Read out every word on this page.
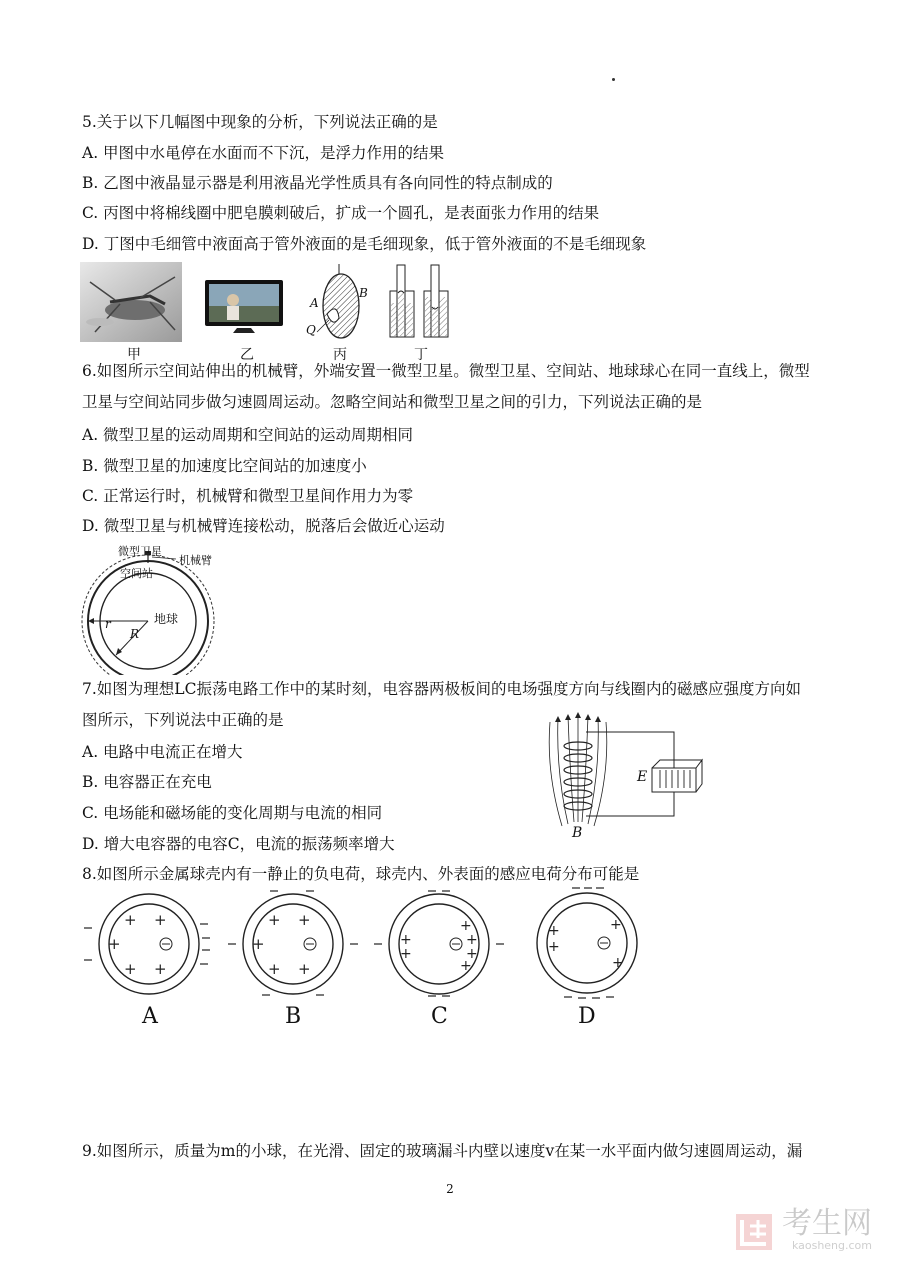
5.关于以下几幅图中现象的分析，下列说法正确的是
A. 甲图中水黾停在水面而不下沉，是浮力作用的结果
B. 乙图中液晶显示器是利用液晶光学性质具有各向同性的特点制成的
C. 丙图中将棉线圈中肥皂膜刺破后，扩成一个圆孔，是表面张力作用的结果
D. 丁图中毛细管中液面高于管外液面的是毛细现象，低于管外液面的不是毛细现象
甲	乙
A
B
Q
丙	丁
6.如图所示空间站伸出的机械臂，外端安置一微型卫星。微型卫星、空间站、地球球心在同一直线上，微型
卫星与空间站同步做匀速圆周运动。忽略空间站和微型卫星之间的引力，下列说法正确的是
A. 微型卫星的运动周期和空间站的运动周期相同
B. 微型卫星的加速度比空间站的加速度小
C. 正常运行时，机械臂和微型卫星间作用力为零
D. 微型卫星与机械臂连接松动，脱落后会做近心运动
微型卫星
机械臂
空间站
地球
r
R
7.如图为理想LC振荡电路工作中的某时刻，电容器两极板间的电场强度方向与线圈内的磁感应强度方向如
图所示，下列说法中正确的是
A. 电路中电流正在增大
B. 电容器正在充电
C. 电场能和磁场能的变化周期与电流的相同
D. 增大电容器的电容C，电流的振荡频率增大
E
B
8.如图所示金属球壳内有一静止的负电荷，球壳内、外表面的感应电荷分布可能是
+ +
+
+ +
A
+ +
+
+ +
B
+
+
+
+
+
+
C
+
+
+
+
D
9.如图所示，质量为m的小球，在光滑、固定的玻璃漏斗内壁以速度v在某一水平面内做匀速圆周运动，漏
2
考生网
kaosheng.com
